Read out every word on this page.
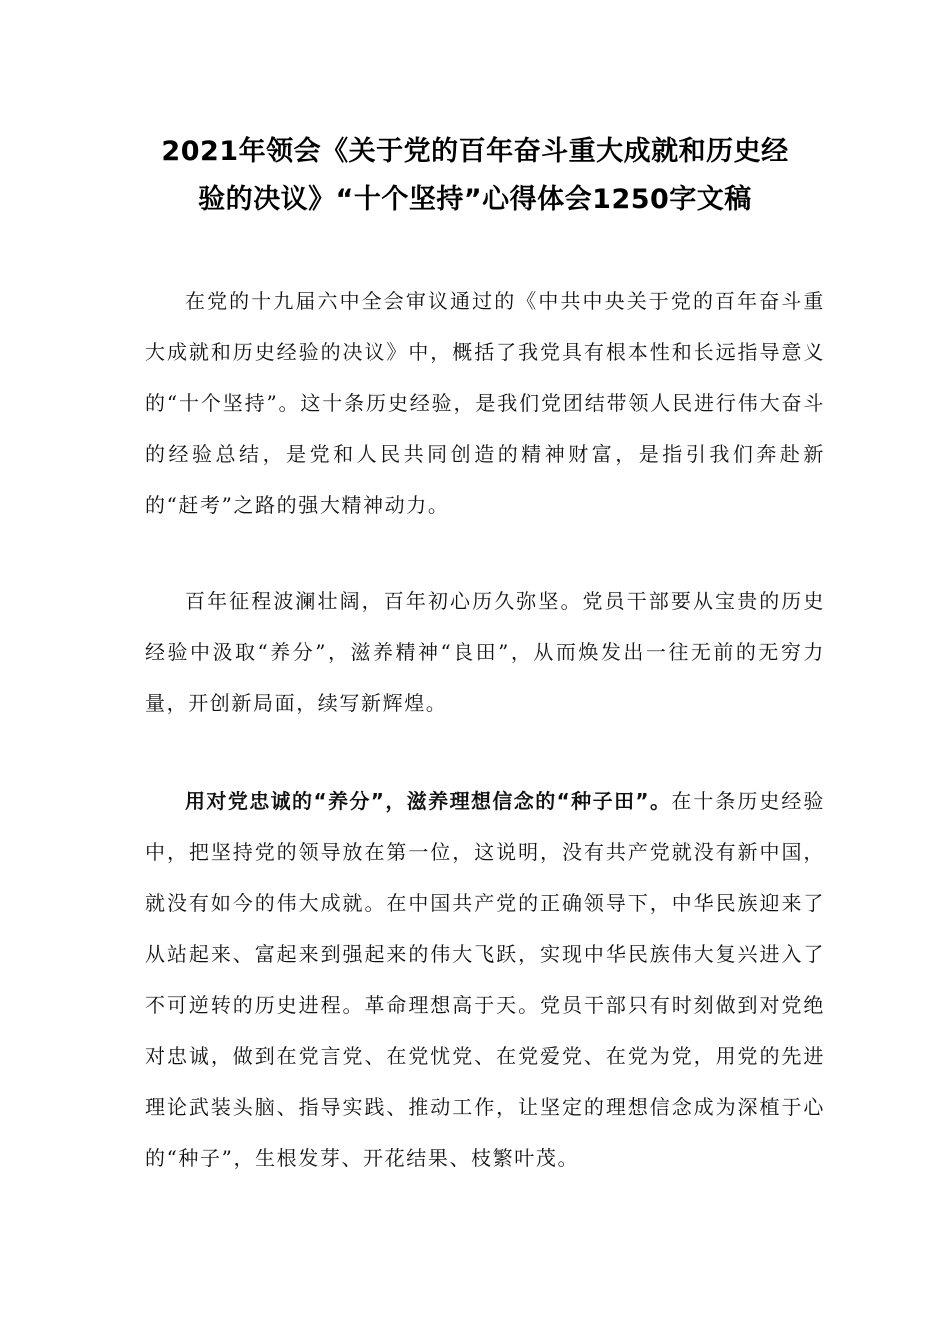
2021年领会《关于党的百年奋斗重大成就和历史经
验的决议》“十个坚持”心得体会1250字文稿

在党的十九届六中全会审议通过的《中共中央关于党的百年奋斗重大成就和历史经验的决议》中，概括了我党具有根本性和长远指导意义的“十个坚持”。这十条历史经验，是我们党团结带领人民进行伟大奋斗的经验总结，是党和人民共同创造的精神财富，是指引我们奔赴新的“赶考”之路的强大精神动力。

百年征程波澜壮阔，百年初心历久弥坚。党员干部要从宝贵的历史经验中汲取“养分”，滋养精神“良田”，从而焕发出一往无前的无穷力量，开创新局面，续写新辉煌。

用对党忠诚的“养分”，滋养理想信念的“种子田”。在十条历史经验中，把坚持党的领导放在第一位，这说明，没有共产党就没有新中国，就没有如今的伟大成就。在中国共产党的正确领导下，中华民族迎来了从站起来、富起来到强起来的伟大飞跃，实现中华民族伟大复兴进入了不可逆转的历史进程。革命理想高于天。党员干部只有时刻做到对党绝对忠诚，做到在党言党、在党忧党、在党爱党、在党为党，用党的先进理论武装头脑、指导实践、推动工作，让坚定的理想信念成为深植于心的“种子”，生根发芽、开花结果、枝繁叶茂。
